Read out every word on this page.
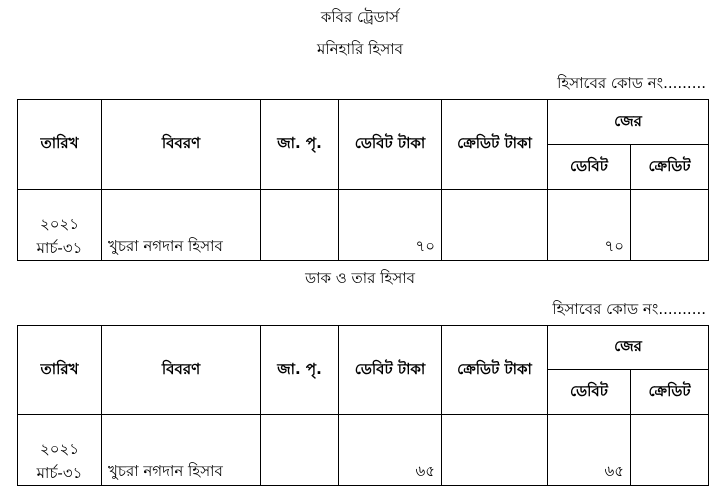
কবির ট্রেডার্স
মনিহারি হিসাব
হিসাবের কোড নং.........
তারিখ	বিবরণ	জা. পৃ.	ডেবিট টাকা	ক্রেডিট টাকা	জের	
					ডেবিট	ক্রেডিট

২০২১
মার্চ-৩১	খুচরা নগদান হিসাব		৭০		৭০	
ডাক ও তার হিসাব
হিসাবের কোড নং..........
তারিখ	বিবরণ	জা. পৃ.	ডেবিট টাকা	ক্রেডিট টাকা	জের	
					ডেবিট	ক্রেডিট

২০২১
মার্চ-৩১	খুচরা নগদান হিসাব		৬৫		৬৫	
